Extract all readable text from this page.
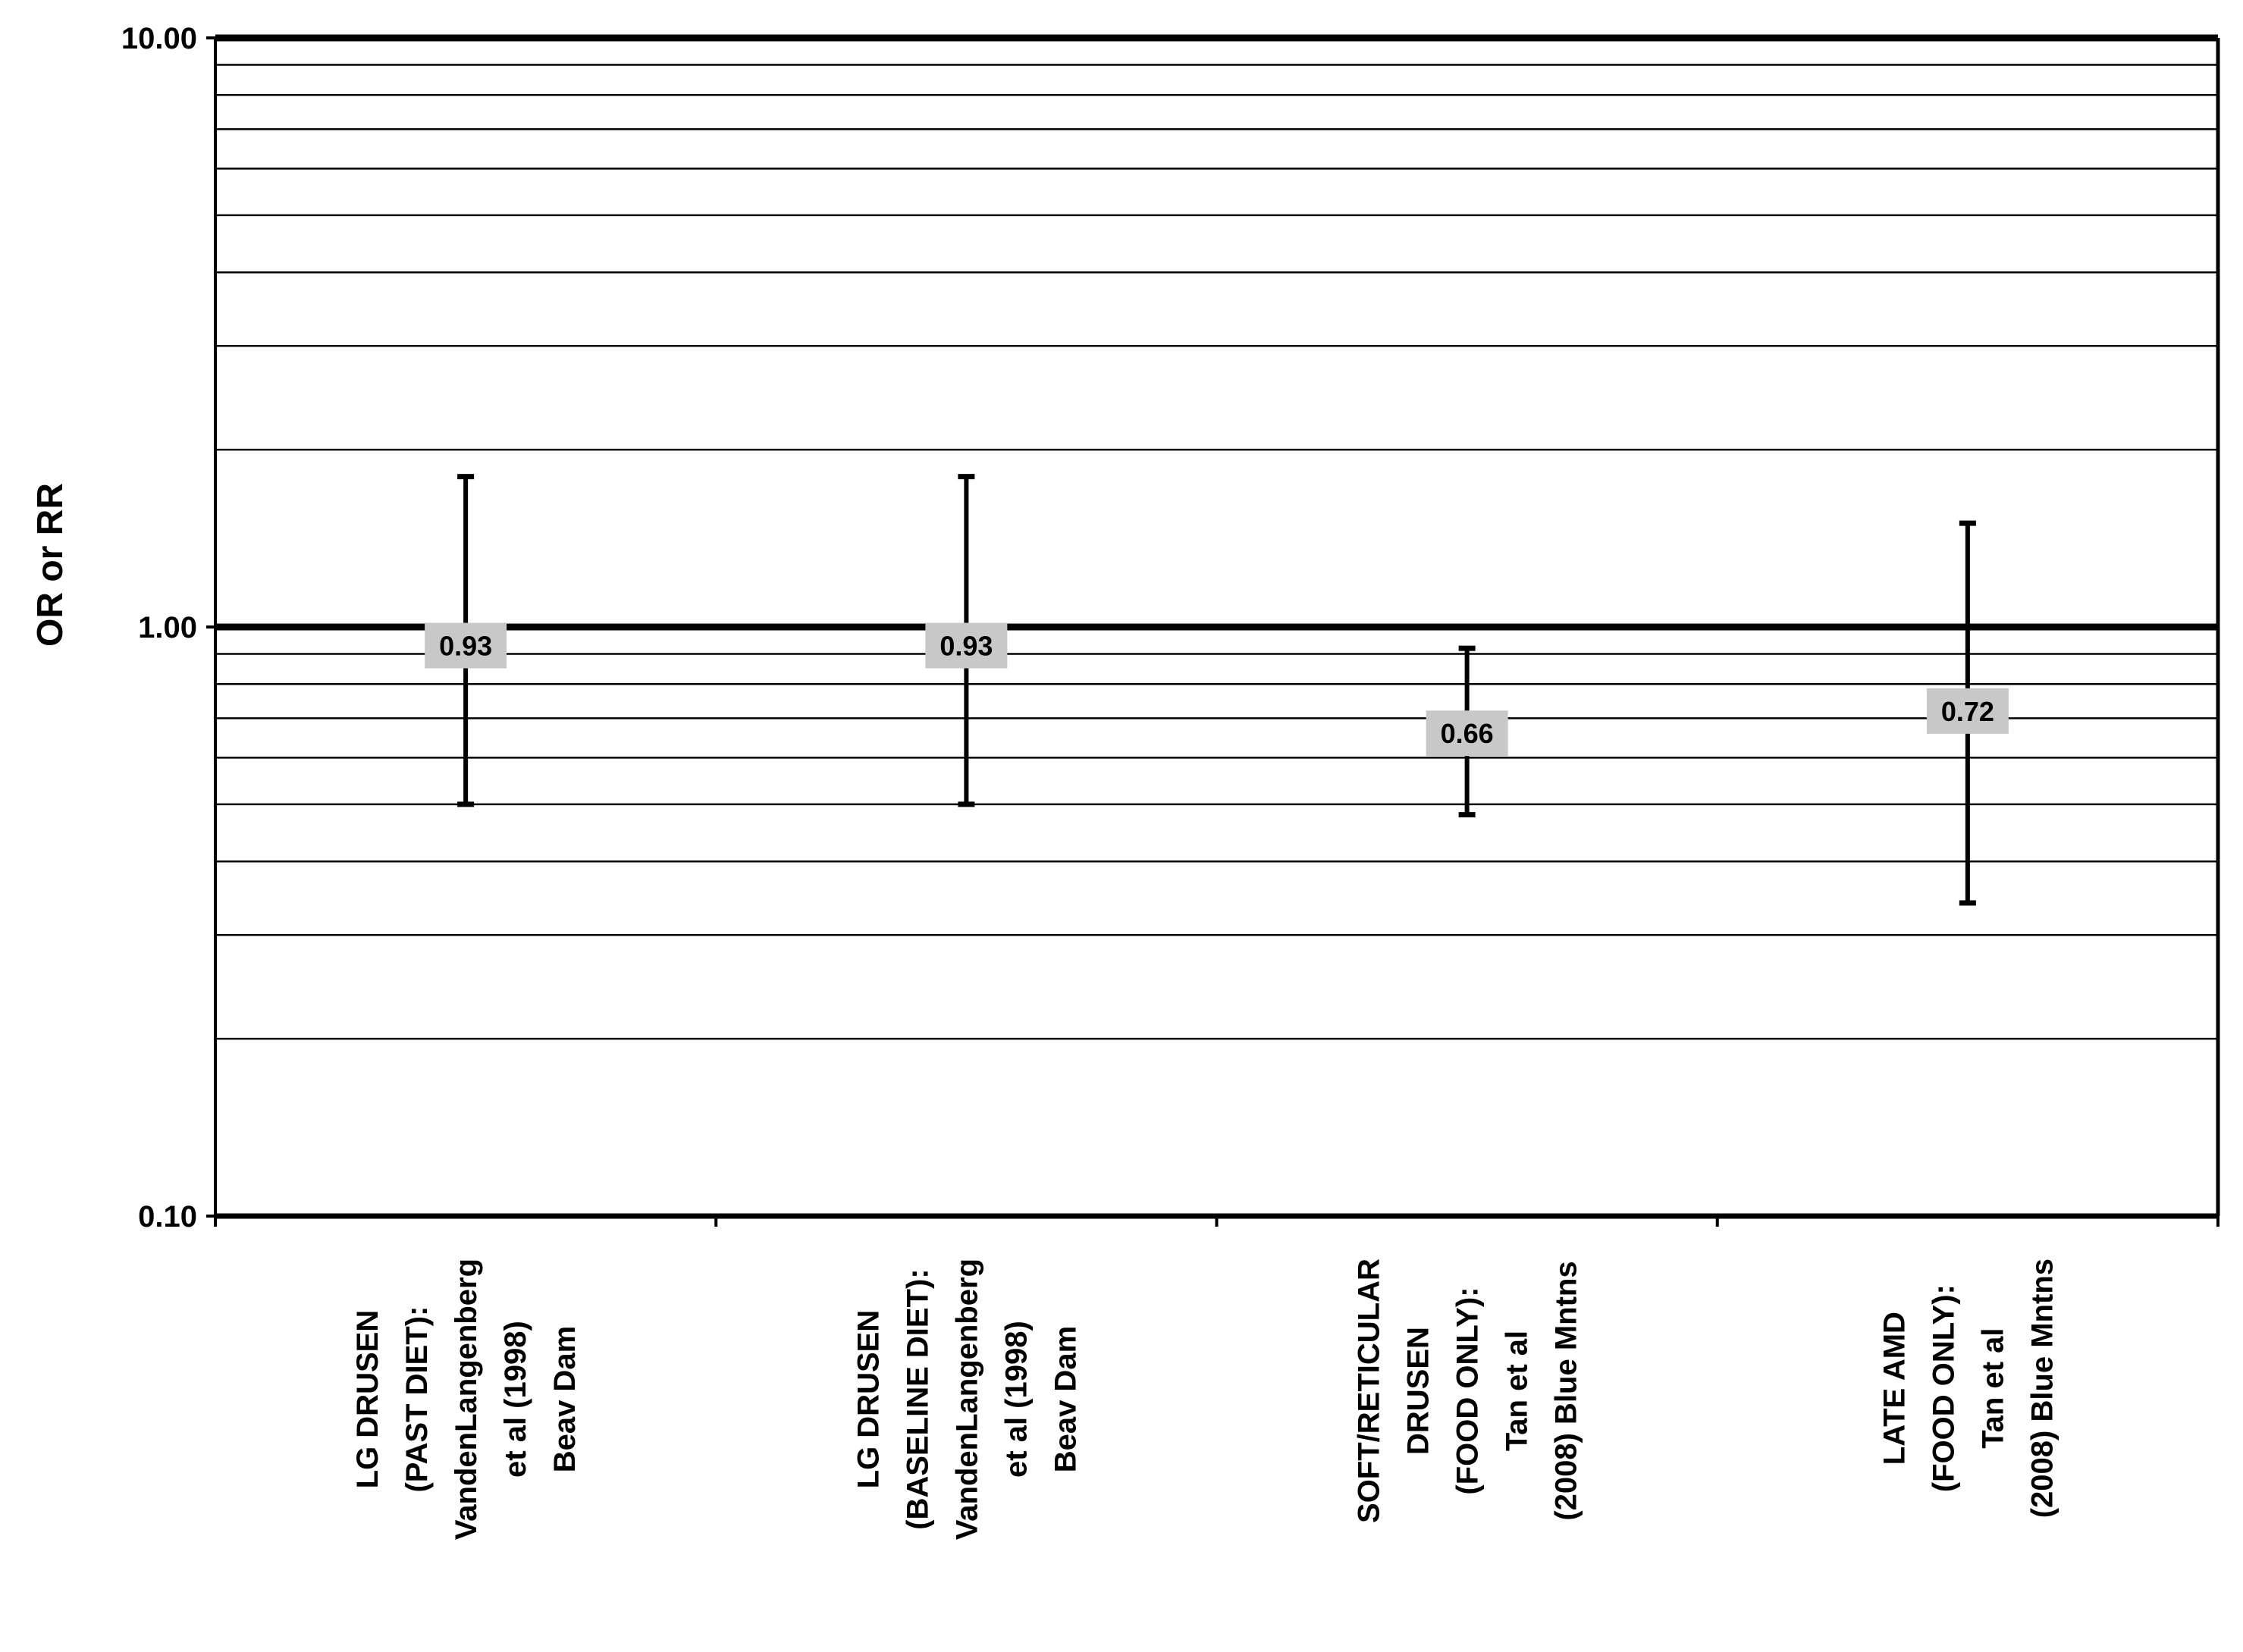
10.00
1.00
0.10
OR or RR	0.93	0.93
0.66
0.72
LG DRUSEN (PAST DIET): VandenLangenberg et al (1998) Beav Dam	LG DRUSEN (BASELINE DIET): VandenLangenberg et al (1998) Beav Dam	SOFT/RETICULAR DRUSEN (FOOD ONLY): Tan et al (2008) Blue Mntns	LATE AMD (FOOD ONLY): Tan et al (2008) Blue Mntns
